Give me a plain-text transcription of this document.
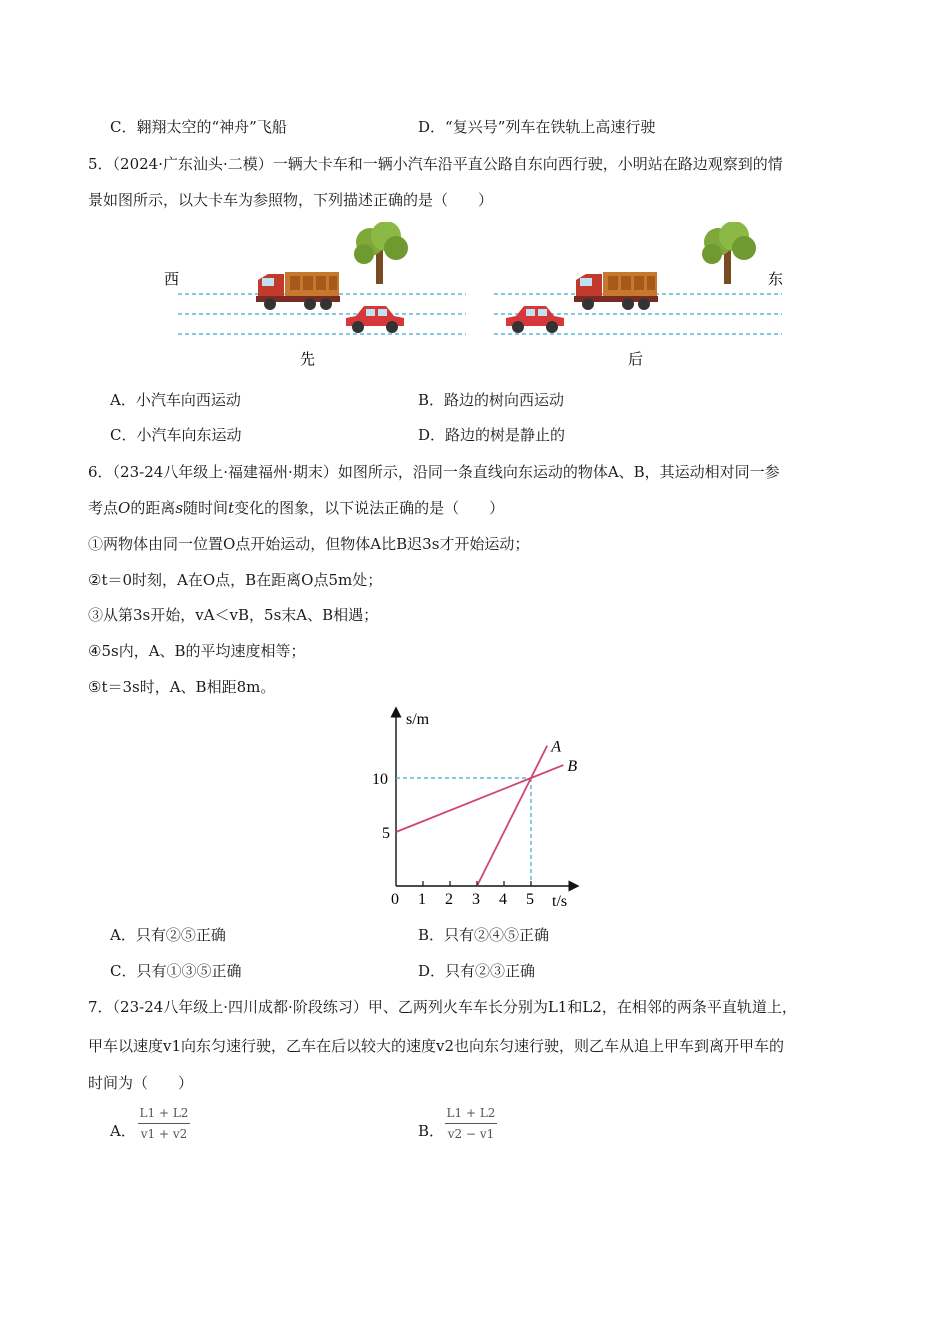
C．翱翔太空的“神舟”飞船	D．“复兴号”列车在铁轨上高速行驶
5．（2024·广东汕头·二模）一辆大卡车和一辆小汽车沿平直公路自东向西行驶，小明站在路边观察到的情
景如图所示，以大卡车为参照物，下列描述正确的是（　　）
西	东
先	后
A．小汽车向西运动	B．路边的树向西运动
C．小汽车向东运动	D．路边的树是静止的
6．（23-24八年级上·福建福州·期末）如图所示，沿同一条直线向东运动的物体A、B，其运动相对同一参
考点O的距离s随时间t变化的图象，以下说法正确的是（　　）
①两物体由同一位置O点开始运动，但物体A比B迟3s才开始运动；
②t＝0时刻，A在O点，B在距离O点5m处；
③从第3s开始，vA＜vB，5s末A、B相遇；
④5s内，A、B的平均速度相等；
⑤t＝3s时，A、B相距8m。
A
B
0 1 2 3 4 5
5
10
s/m
t/s
A．只有②⑤正确	B．只有②④⑤正确
C．只有①③⑤正确	D．只有②③正确
7．（23-24八年级上·四川成都·阶段练习）甲、乙两列火车车长分别为L1和L2，在相邻的两条平直轨道上，
甲车以速度v1向东匀速行驶，乙车在后以较大的速度v2也向东匀速行驶，则乙车从追上甲车到离开甲车的
时间为（　　）
A．
L1 + L2
v1 + v2	B．
L1 + L2
v2 − v1
